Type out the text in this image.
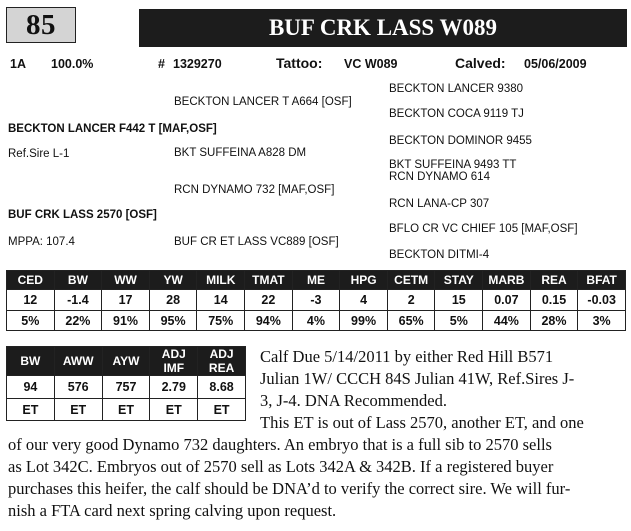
85	BUF CRK LASS W089
1A 100.0%	# 1329270	Tattoo: VC W089	Calved: 05/06/2009
BECKTON LANCER T A664 [OSF]
BECKTON LANCER 9380
BECKTON COCA 9119 TJ
BECKTON LANCER F442 T [MAF,OSF]
BECKTON DOMINOR 9455
Ref.Sire L-1	BKT SUFFEINA A828 DM
BKT SUFFEINA 9493 TT
RCN DYNAMO 614
RCN DYNAMO 732 [MAF,OSF]
RCN LANA-CP 307
BUF CRK LASS 2570 [OSF]
BFLO CR VC CHIEF 105 [MAF,OSF]
MPPA: 107.4	BUF CR ET LASS VC889 [OSF]
BECKTON DITMI-4
CED	BW	WW	YW	MILK	TMAT	ME	HPG	CETM	STAY	MARB	REA	BFAT
12	-1.4	17	28	14	22	-3	4	2	15	0.07	0.15	-0.03
5%	22%	91%	95%	75%	94%	4%	99%	65%	5%	44%	28%	3%
BW	AWW	AYW	ADJ IMF	ADJ REA
94	576	757	2.79	8.68
ET	ET	ET	ET	ET
Calf Due 5/14/2011 by either Red Hill B571
Julian 1W/ CCCH 84S Julian 41W, Ref.Sires J-
3, J-4. DNA Recommended.
This ET is out of Lass 2570, another ET, and one
of our very good Dynamo 732 daughters. An embryo that is a full sib to 2570 sells
as Lot 342C. Embryos out of 2570 sell as Lots 342A & 342B. If a registered buyer
purchases this heifer, the calf should be DNA’d to verify the correct sire. We will fur-
nish a FTA card next spring calving upon request.
